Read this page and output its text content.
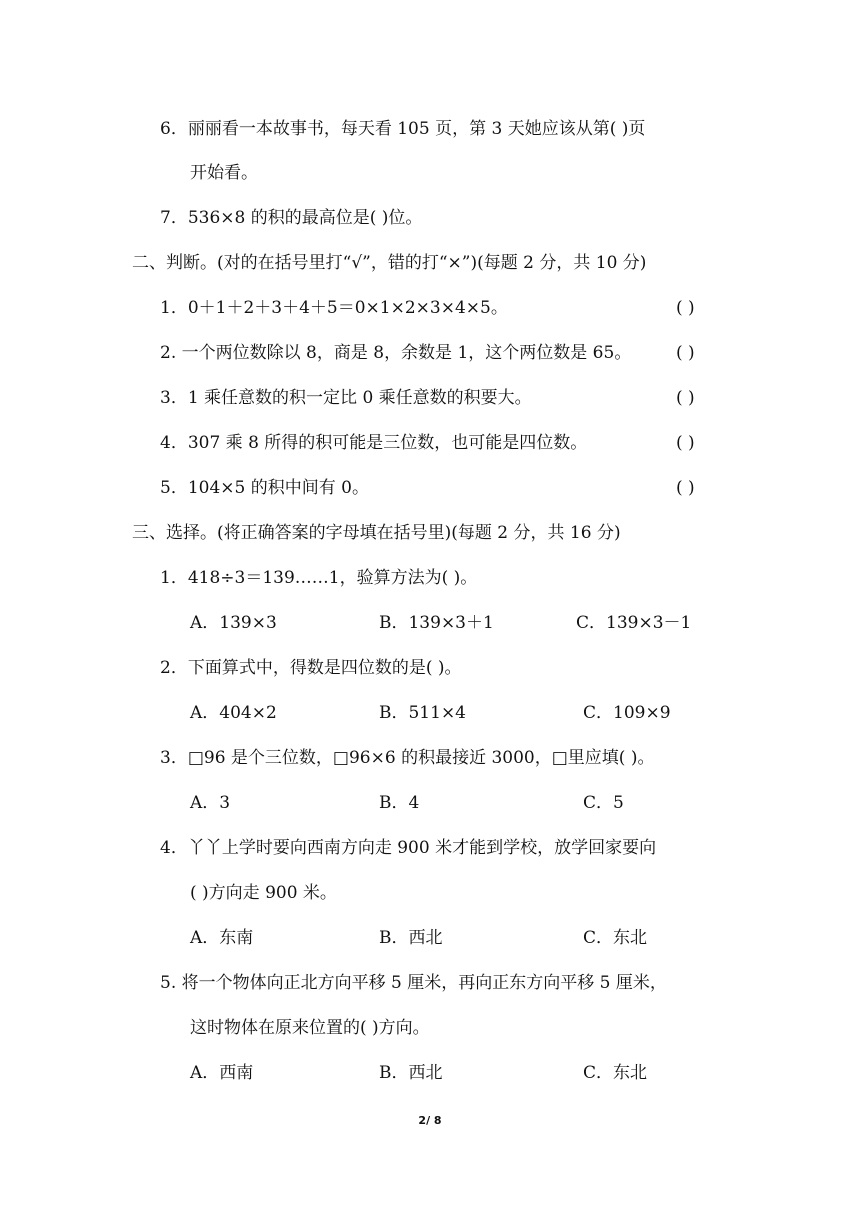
6．丽丽看一本故事书，每天看 105 页，第 3 天她应该从第( )页
开始看。
7．536×8 的积的最高位是( )位。
二、判断。(对的在括号里打“√”，错的打“×”)(每题 2 分，共 10 分)
1．0＋1＋2＋3＋4＋5＝0×1×2×3×4×5。	( )
2. 一个两位数除以 8，商是 8，余数是 1，这个两位数是 65。	( )
3．1 乘任意数的积一定比 0 乘任意数的积要大。	( )
4．307 乘 8 所得的积可能是三位数，也可能是四位数。	( )
5．104×5 的积中间有 0。	( )
三、选择。(将正确答案的字母填在括号里)(每题 2 分，共 16 分)
1．418÷3＝139……1，验算方法为( )。
A．139×3	B．139×3＋1	C．139×3－1
2．下面算式中，得数是四位数的是( )。
A．404×2	B．511×4	C．109×9
3．□96 是个三位数，□96×6 的积最接近 3000，□里应填( )。
A．3	B．4	C．5
4．丫丫上学时要向西南方向走 900 米才能到学校，放学回家要向
( )方向走 900 米。
A．东南	B．西北	C．东北
5. 将一个物体向正北方向平移 5 厘米，再向正东方向平移 5 厘米，
这时物体在原来位置的( )方向。
A．西南	B．西北	C．东北
2/ 8
